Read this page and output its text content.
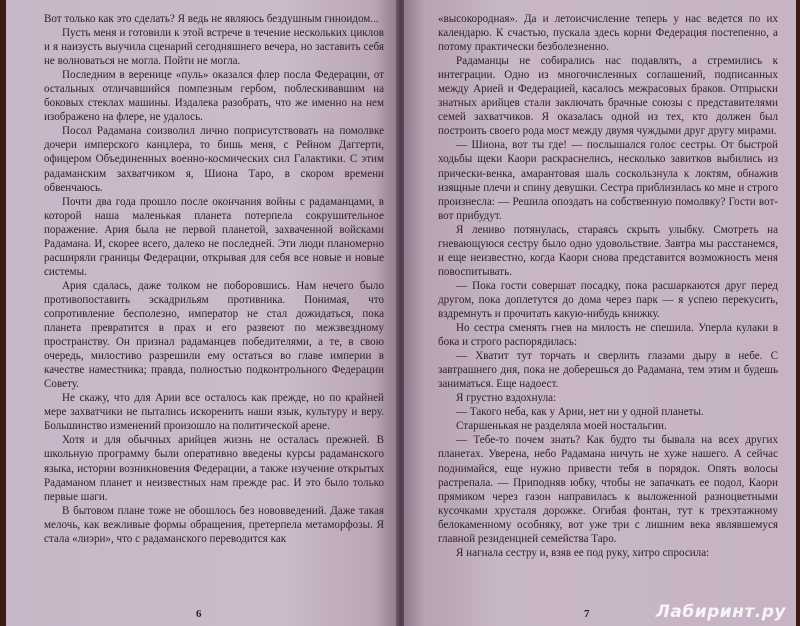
Вот только как это сделать? Я ведь не являюсь бездушным гиноидом...

Пусть меня и готовили к этой встрече в течение нескольких циклов и я наизусть выучила сценарий сегодняшнего вечера, но заставить себя не волноваться не могла. Пойти не могла.

Последним в веренице «пуль» оказался флер посла Федерации, от остальных отличавшийся помпезным гербом, поблескивавшим на боковых стеклах машины. Издалека разобрать, что же именно на нем изображено на флере, не удалось.

Посол Радамана соизволил лично поприсутствовать на помолвке дочери имперского канцлера, то бишь меня, с Рейном Даггерти, офицером Объединенных военно-космических сил Галактики. С этим радаманским захватчиком я, Шиона Таро, в скором времени обвенчаюсь.

Почти два года прошло после окончания войны с радаманцами, в которой наша маленькая планета потерпела сокрушительное поражение. Ария была не первой планетой, захваченной войсками Радамана. И, скорее всего, далеко не последней. Эти люди планомерно расширяли границы Федерации, открывая для себя все новые и новые системы.

Ария сдалась, даже толком не поборовшись. Нам нечего было противопоставить эскадрильям противника. Понимая, что сопротивление бесполезно, император не стал дожидаться, пока планета превратится в прах и его развеют по межзвездному пространству. Он признал радаманцев победителями, а те, в свою очередь, милостиво разрешили ему остаться во главе империи в качестве наместника; правда, полностью подконтрольного Федерации Совету.

Не скажу, что для Арии все осталось как прежде, но по крайней мере захватчики не пытались искоренить наши язык, культуру и веру. Большинство изменений произошло на политической арене.

Хотя и для обычных арийцев жизнь не осталась прежней. В школьную программу были оперативно введены курсы радаманского языка, истории возникновения Федерации, а также изучение открытых Радаманом планет и неизвестных нам прежде рас. И это было только первые шаги.

В бытовом плане тоже не обошлось без нововведений. Даже такая мелочь, как вежливые формы обращения, претерпела метаморфозы. Я стала «лиэри», что с радаманского переводится как

6

«высокородная». Да и летоисчисление теперь у нас ведется по их календарю. К счастью, пускала здесь корни Федерация постепенно, а потому практически безболезненно.

Радаманцы не собирались нас подавлять, а стремились к интеграции. Одно из многочисленных соглашений, подписанных между Арией и Федерацией, касалось межрасовых браков. Отпрыски знатных арийцев стали заключать брачные союзы с представителями семей захватчиков. Я оказалась одной из тех, кто должен был построить своего рода мост между двумя чуждыми друг другу мирами.

— Шиона, вот ты где! — послышался голос сестры. От быстрой ходьбы щеки Каори раскраснелись, несколько завитков выбились из прически-венка, амарантовая шаль соскользнула к локтям, обнажив изящные плечи и спину девушки. Сестра приблизилась ко мне и строго произнесла: — Решила опоздать на собственную помолвку? Гости вот-вот прибудут.

Я лениво потянулась, стараясь скрыть улыбку. Смотреть на гневающуюся сестру было одно удовольствие. Завтра мы расстанемся, и еще неизвестно, когда Каори снова представится возможность меня повоспитывать.

— Пока гости совершат посадку, пока расшаркаются друг перед другом, пока доплетутся до дома через парк — я успею перекусить, вздремнуть и прочитать какую-нибудь книжку.

Но сестра сменять гнев на милость не спешила. Уперла кулаки в бока и строго распорядилась:

— Хватит тут торчать и сверлить глазами дыру в небе. С завтрашнего дня, пока не доберешься до Радамана, тем этим и будешь заниматься. Еще надоест.

Я грустно вздохнула:

— Такого неба, как у Арии, нет ни у одной планеты.

Старшенькая не разделяла моей ностальгии.

— Тебе-то почем знать? Как будто ты бывала на всех других планетах. Уверена, небо Радамана ничуть не хуже нашего. А сейчас поднимайся, еще нужно привести тебя в порядок. Опять волосы растрепала. — Приподняв юбку, чтобы не запачкать ее подол, Каори прямиком через газон направилась к выложенной разноцветными кусочками хрусталя дорожке. Огибая фонтан, тут к трехэтажному белокаменному особняку, вот уже три с лишним века являвшемуся главной резиденцией семейства Таро.

Я нагнала сестру и, взяв ее под руку, хитро спросила:

7	Лабиринт.ру
